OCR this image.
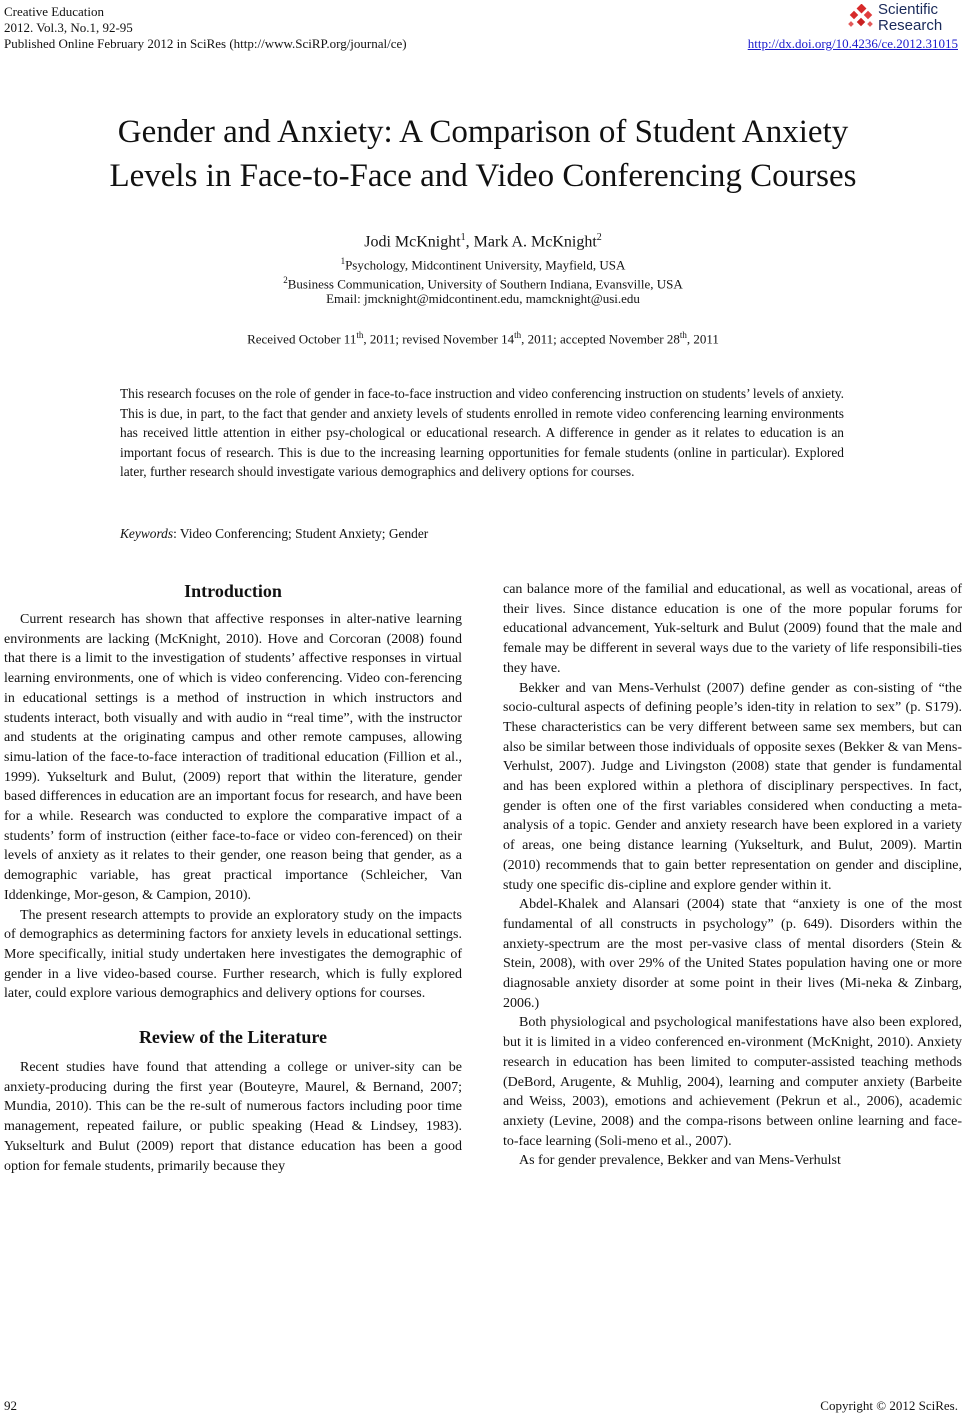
Creative Education
2012. Vol.3, No.1, 92-95
Published Online February 2012 in SciRes (http://www.SciRP.org/journal/ce)	http://dx.doi.org/10.4236/ce.2012.31015
Scientific
Research
Gender and Anxiety: A Comparison of Student Anxiety
Levels in Face-to-Face and Video Conferencing Courses
Jodi McKnight$^1$, Mark A. McKnight$^2$
$^1$Psychology, Midcontinent University, Mayfield, USA
$^2$Business Communication, University of Southern Indiana, Evansville, USA
Email: jmcknight@midcontinent.edu, mamcknight@usi.edu
Received October 11th, 2011; revised November 14th, 2011; accepted November 28th, 2011
This research focuses on the role of gender in face-to-face instruction and video conferencing instruction on students’ levels of anxiety. This is due, in part, to the fact that gender and anxiety levels of students enrolled in remote video conferencing learning environments has received little attention in either psy-chological or educational research. A difference in gender as it relates to education is an important focus of research. This is due to the increasing learning opportunities for female students (online in particular). Explored later, further research should investigate various demographics and delivery options for courses.
Keywords: Video Conferencing; Student Anxiety; Gender
Introduction

Current research has shown that affective responses in alter-native learning environments are lacking (McKnight, 2010). Hove and Corcoran (2008) found that there is a limit to the investigation of students’ affective responses in virtual learning environments, one of which is video conferencing. Video con-ferencing in educational settings is a method of instruction in which instructors and students interact, both visually and with audio in “real time”, with the instructor and students at the originating campus and other remote campuses, allowing simu-lation of the face-to-face interaction of traditional education (Fillion et al., 1999). Yukselturk and Bulut, (2009) report that within the literature, gender based differences in education are an important focus for research, and have been for a while. Research was conducted to explore the comparative impact of a students’ form of instruction (either face-to-face or video con-ferenced) on their levels of anxiety as it relates to their gender, one reason being that gender, as a demographic variable, has great practical importance (Schleicher, Van Iddenkinge, Mor-geson, & Campion, 2010).

The present research attempts to provide an exploratory study on the impacts of demographics as determining factors for anxiety levels in educational settings. More specifically, initial study undertaken here investigates the demographic of gender in a live video-based course. Further research, which is fully explored later, could explore various demographics and delivery options for courses.

Review of the Literature

Recent studies have found that attending a college or univer-sity can be anxiety-producing during the first year (Bouteyre, Maurel, & Bernand, 2007; Mundia, 2010). This can be the re-sult of numerous factors including poor time management, repeated failure, or public speaking (Head & Lindsey, 1983). Yukselturk and Bulut (2009) report that distance education has been a good option for female students, primarily because they

can balance more of the familial and educational, as well as vocational, areas of their lives. Since distance education is one of the more popular forums for educational advancement, Yuk-selturk and Bulut (2009) found that the male and female may be different in several ways due to the variety of life responsibili-ties they have.

Bekker and van Mens-Verhulst (2007) define gender as con-sisting of “the socio-cultural aspects of defining people’s iden-tity in relation to sex” (p. S179). These characteristics can be very different between same sex members, but can also be similar between those individuals of opposite sexes (Bekker & van Mens-Verhulst, 2007). Judge and Livingston (2008) state that gender is fundamental and has been explored within a plethora of disciplinary perspectives. In fact, gender is often one of the first variables considered when conducting a meta-analysis of a topic. Gender and anxiety research have been explored in a variety of areas, one being distance learning (Yukselturk, and Bulut, 2009). Martin (2010) recommends that to gain better representation on gender and discipline, study one specific dis-cipline and explore gender within it.

Abdel-Khalek and Alansari (2004) state that “anxiety is one of the most fundamental of all constructs in psychology” (p. 649). Disorders within the anxiety-spectrum are the most per-vasive class of mental disorders (Stein & Stein, 2008), with over 29% of the United States population having one or more diagnosable anxiety disorder at some point in their lives (Mi-neka & Zinbarg, 2006.)

Both physiological and psychological manifestations have also been explored, but it is limited in a video conferenced en-vironment (McKnight, 2010). Anxiety research in education has been limited to computer-assisted teaching methods (DeBord, Arugente, & Muhlig, 2004), learning and computer anxiety (Barbeite and Weiss, 2003), emotions and achievement (Pekrun et al., 2006), academic anxiety (Levine, 2008) and the compa-risons between online learning and face-to-face learning (Soli-meno et al., 2007).

As for gender prevalence, Bekker and van Mens-Verhulst

92	Copyright © 2012 SciRes.
